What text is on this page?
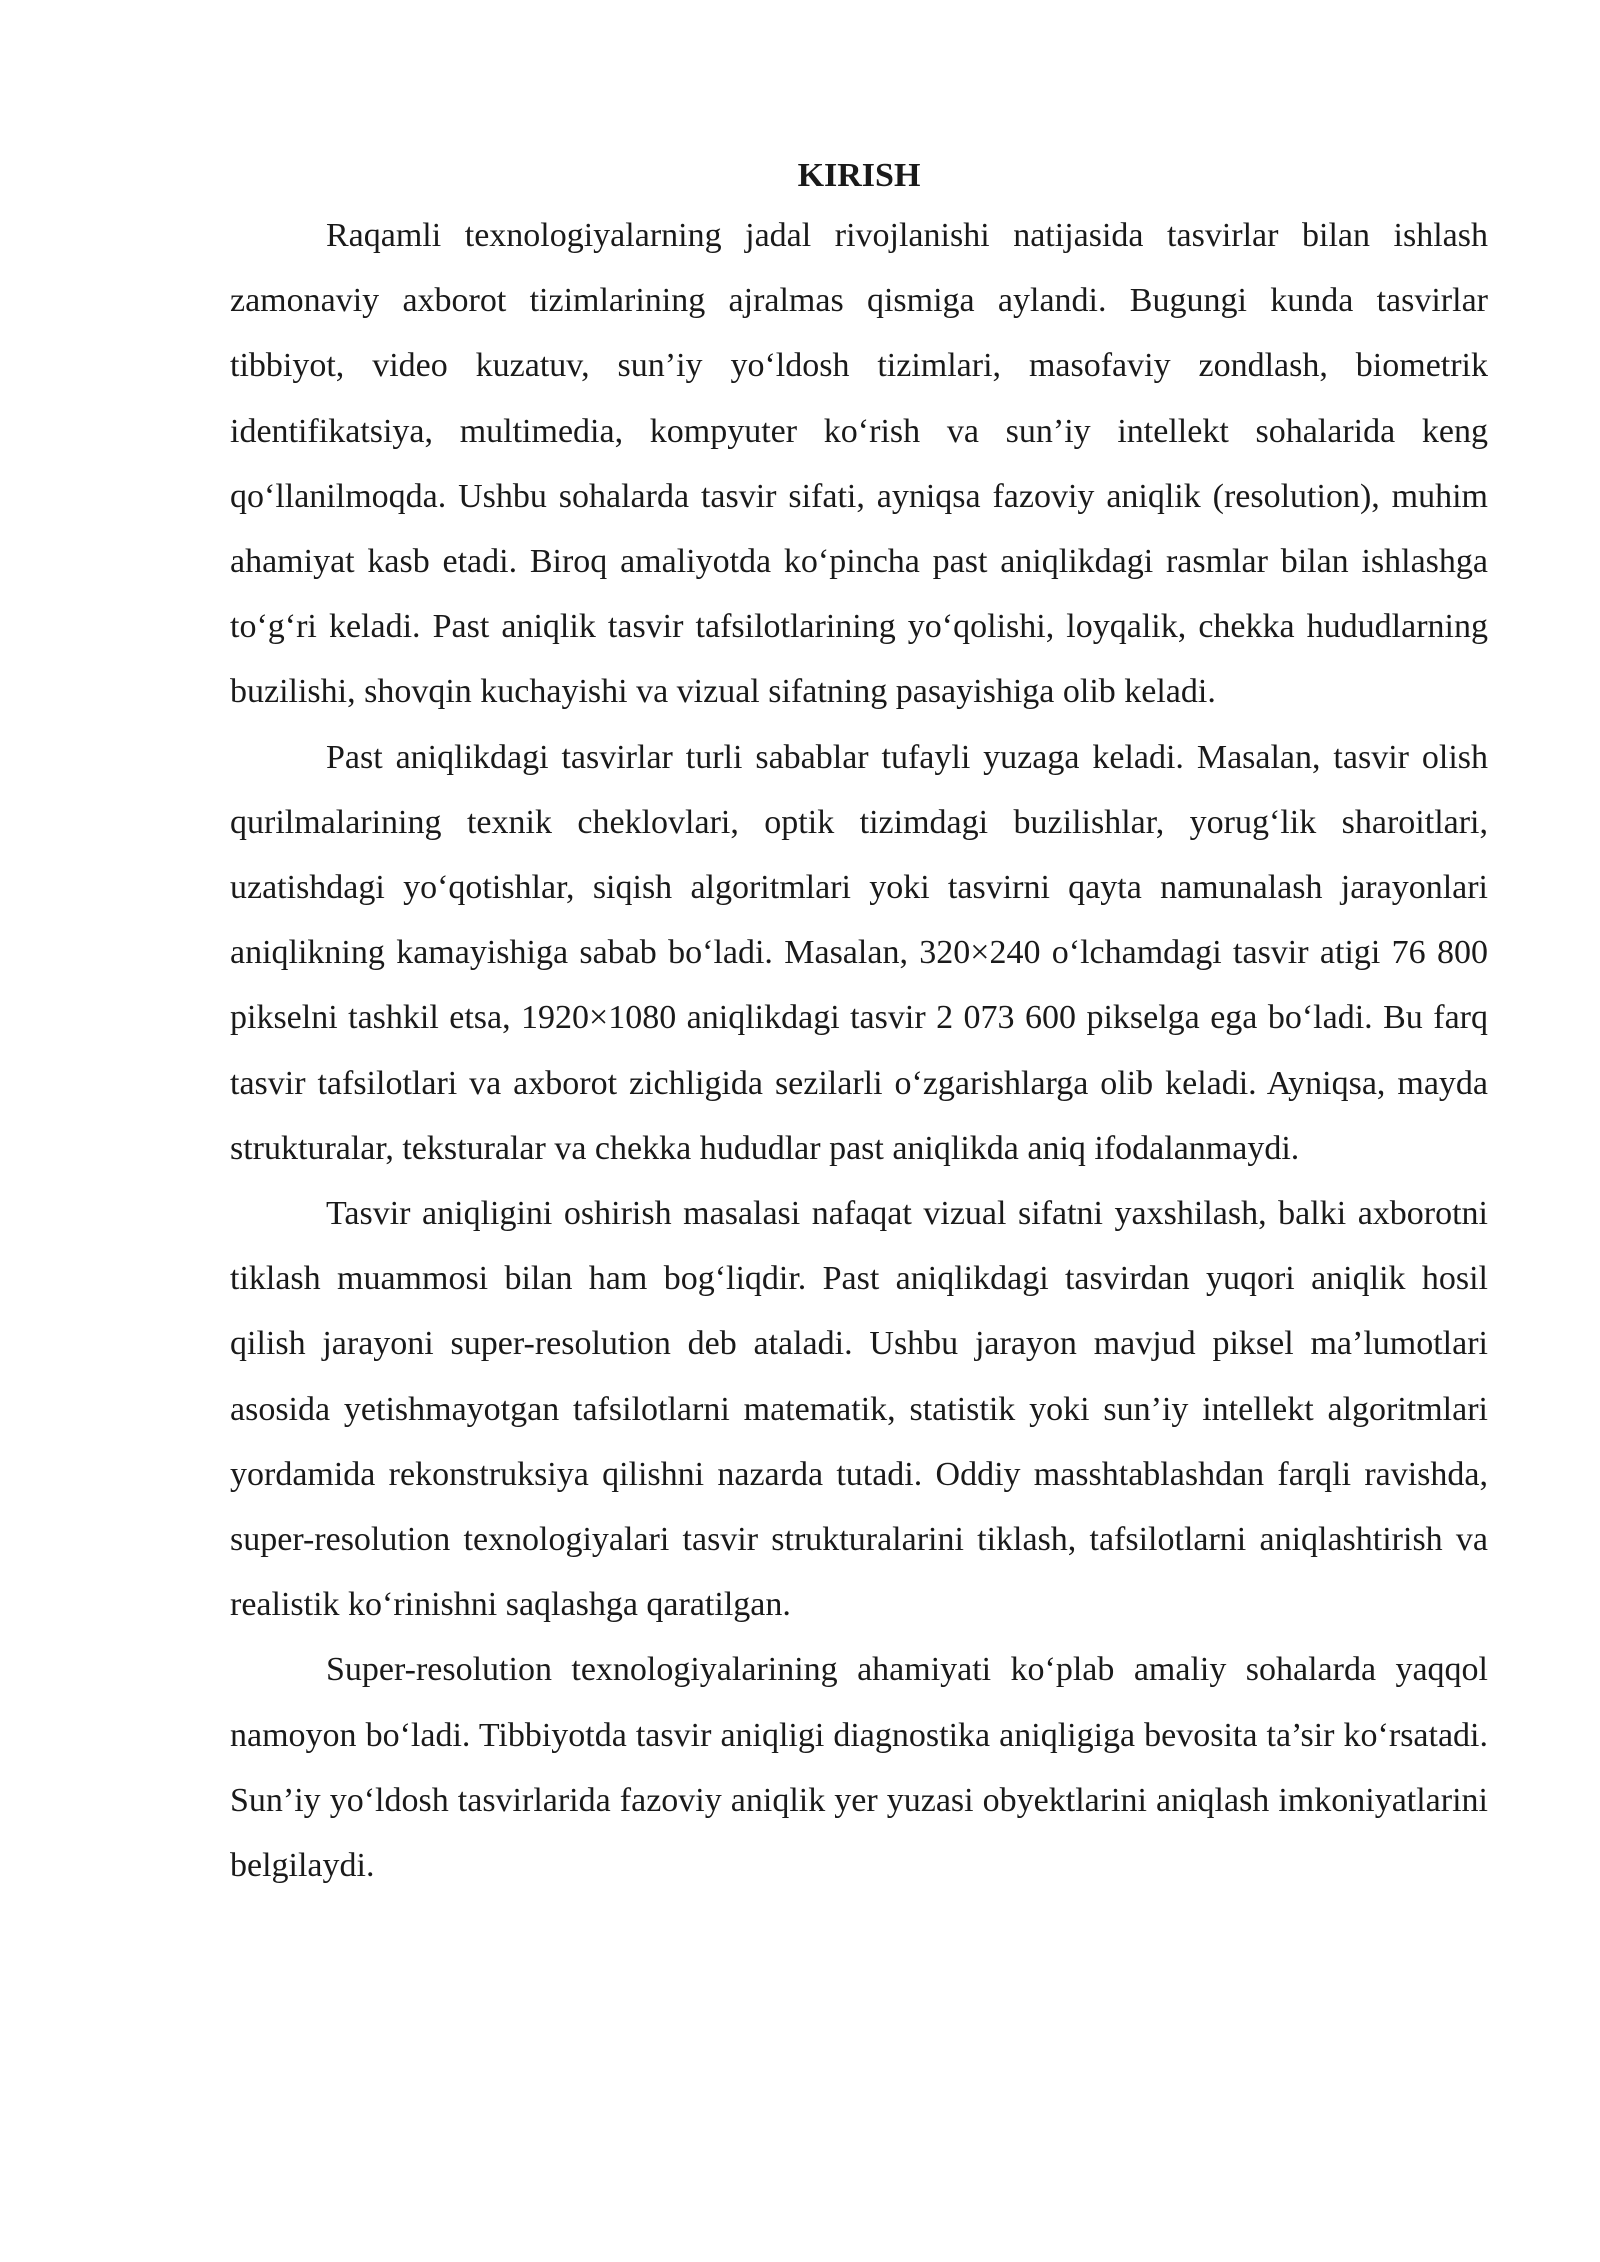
KIRISH

Raqamli texnologiyalarning jadal rivojlanishi natijasida tasvirlar bilan ishlash zamonaviy axborot tizimlarining ajralmas qismiga aylandi. Bugungi kunda tasvirlar tibbiyot, video kuzatuv, sun’iy yo‘ldosh tizimlari, masofaviy zondlash, biometrik identifikatsiya, multimedia, kompyuter ko‘rish va sun’iy intellekt sohalarida keng qo‘llanilmoqda. Ushbu sohalarda tasvir sifati, ayniqsa fazoviy aniqlik (resolution), muhim ahamiyat kasb etadi. Biroq amaliyotda ko‘pincha past aniqlikdagi rasmlar bilan ishlashga to‘g‘ri keladi. Past aniqlik tasvir tafsilotlarining yo‘qolishi, loyqalik, chekka hududlarning buzilishi, shovqin kuchayishi va vizual sifatning pasayishiga olib keladi.

Past aniqlikdagi tasvirlar turli sabablar tufayli yuzaga keladi. Masalan, tasvir olish qurilmalarining texnik cheklovlari, optik tizimdagi buzilishlar, yorug‘lik sharoitlari, uzatishdagi yo‘qotishlar, siqish algoritmlari yoki tasvirni qayta namunalash jarayonlari aniqlikning kamayishiga sabab bo‘ladi. Masalan, 320×240 o‘lchamdagi tasvir atigi 76 800 pikselni tashkil etsa, 1920×1080 aniqlikdagi tasvir 2 073 600 pikselga ega bo‘ladi. Bu farq tasvir tafsilotlari va axborot zichligida sezilarli o‘zgarishlarga olib keladi. Ayniqsa, mayda strukturalar, teksturalar va chekka hududlar past aniqlikda aniq ifodalanmaydi.

Tasvir aniqligini oshirish masalasi nafaqat vizual sifatni yaxshilash, balki axborotni tiklash muammosi bilan ham bog‘liqdir. Past aniqlikdagi tasvirdan yuqori aniqlik hosil qilish jarayoni super-resolution deb ataladi. Ushbu jarayon mavjud piksel ma’lumotlari asosida yetishmayotgan tafsilotlarni matematik, statistik yoki sun’iy intellekt algoritmlari yordamida rekonstruksiya qilishni nazarda tutadi. Oddiy masshtablashdan farqli ravishda, super-resolution texnologiyalari tasvir strukturalarini tiklash, tafsilotlarni aniqlashtirish va realistik ko‘rinishni saqlashga qaratilgan.

Super-resolution texnologiyalarining ahamiyati ko‘plab amaliy sohalarda yaqqol namoyon bo‘ladi. Tibbiyotda tasvir aniqligi diagnostika aniqligiga bevosita ta’sir ko‘rsatadi. Sun’iy yo‘ldosh tasvirlarida fazoviy aniqlik yer yuzasi obyektlarini aniqlash imkoniyatlarini belgilaydi.
